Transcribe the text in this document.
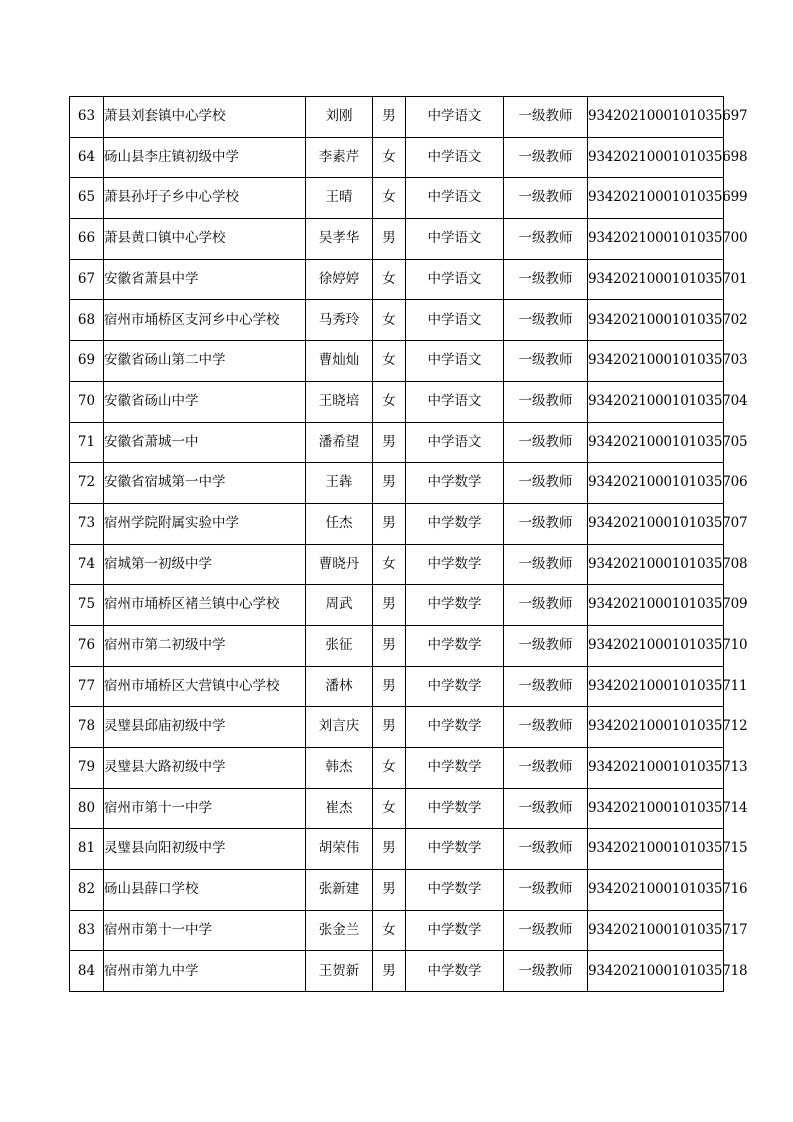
63	萧县刘套镇中心学校	刘刚	男	中学语文	一级教师	9342021000101035697
64	砀山县李庄镇初级中学	李素芹	女	中学语文	一级教师	9342021000101035698
65	萧县孙圩子乡中心学校	王晴	女	中学语文	一级教师	9342021000101035699
66	萧县黄口镇中心学校	吴孝华	男	中学语文	一级教师	9342021000101035700
67	安徽省萧县中学	徐婷婷	女	中学语文	一级教师	9342021000101035701
68	宿州市埇桥区支河乡中心学校	马秀玲	女	中学语文	一级教师	9342021000101035702
69	安徽省砀山第二中学	曹灿灿	女	中学语文	一级教师	9342021000101035703
70	安徽省砀山中学	王晓培	女	中学语文	一级教师	9342021000101035704
71	安徽省萧城一中	潘希望	男	中学语文	一级教师	9342021000101035705
72	安徽省宿城第一中学	王犇	男	中学数学	一级教师	9342021000101035706
73	宿州学院附属实验中学	任杰	男	中学数学	一级教师	9342021000101035707
74	宿城第一初级中学	曹晓丹	女	中学数学	一级教师	9342021000101035708
75	宿州市埇桥区褚兰镇中心学校	周武	男	中学数学	一级教师	9342021000101035709
76	宿州市第二初级中学	张征	男	中学数学	一级教师	9342021000101035710
77	宿州市埇桥区大营镇中心学校	潘林	男	中学数学	一级教师	9342021000101035711
78	灵璧县邱庙初级中学	刘言庆	男	中学数学	一级教师	9342021000101035712
79	灵璧县大路初级中学	韩杰	女	中学数学	一级教师	9342021000101035713
80	宿州市第十一中学	崔杰	女	中学数学	一级教师	9342021000101035714
81	灵璧县向阳初级中学	胡荣伟	男	中学数学	一级教师	9342021000101035715
82	砀山县薛口学校	张新建	男	中学数学	一级教师	9342021000101035716
83	宿州市第十一中学	张金兰	女	中学数学	一级教师	9342021000101035717
84	宿州市第九中学	王贺新	男	中学数学	一级教师	9342021000101035718
